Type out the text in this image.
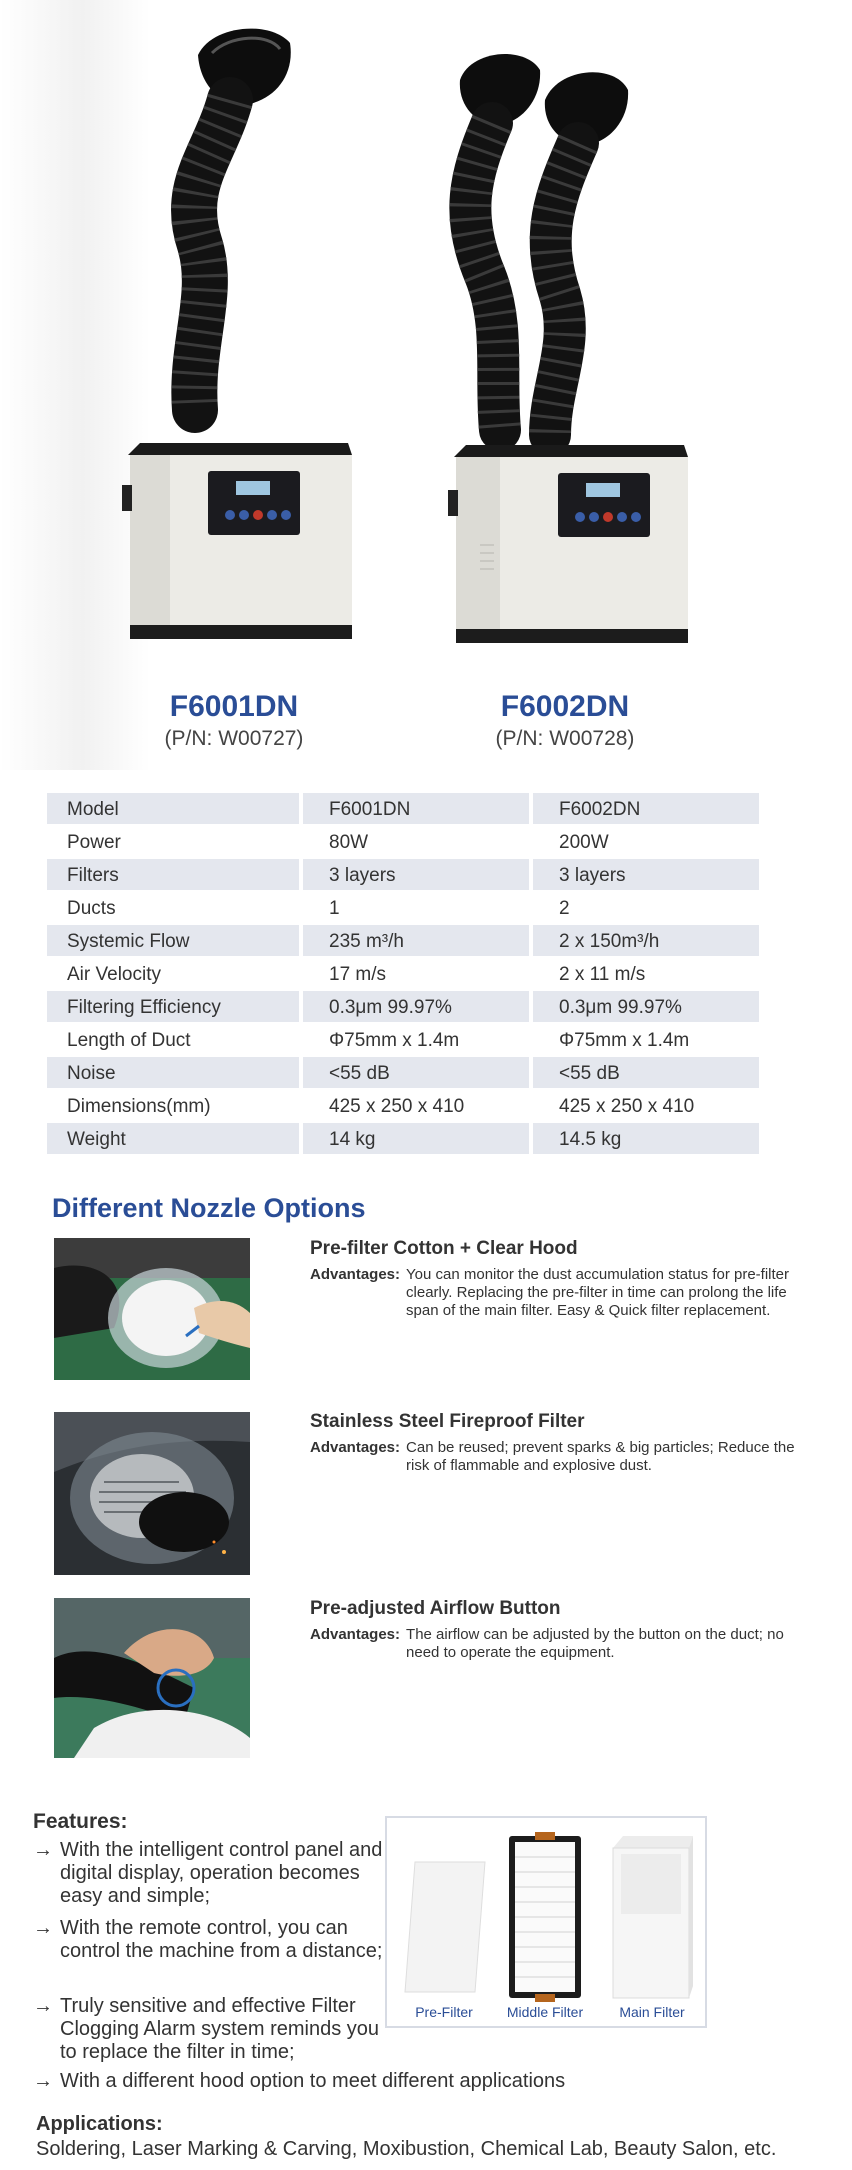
F6001DN
(P/N: W00727)
F6002DN
(P/N: W00728)
Model	F6001DN	F6002DN
Power	80W	200W
Filters	3 layers	3 layers
Ducts	1	2
Systemic Flow	235 m³/h	2 x 150m³/h
Air Velocity	17 m/s	2 x 11 m/s
Filtering Efficiency	0.3μm 99.97%	0.3μm 99.97%
Length of Duct	Φ75mm x 1.4m	Φ75mm x 1.4m
Noise	<55 dB	<55 dB
Dimensions(mm)	425 x 250 x 410	425 x 250 x 410
Weight	14 kg	14.5 kg
Different Nozzle Options
Pre-filter Cotton + Clear Hood
Advantages: You can monitor the dust accumulation status for pre-filter clearly. Replacing the pre-filter in time can prolong the life span of the main filter. Easy & Quick filter replacement.
Stainless Steel Fireproof Filter
Advantages: Can be reused; prevent sparks & big particles; Reduce the risk of flammable and explosive dust.
Pre-adjusted Airflow Button
Advantages: The airflow can be adjusted by the button on the duct; no need to operate the equipment.
Features:
→ With the intelligent control panel and digital display, operation becomes easy and simple;
→ With the remote control, you can control the machine from a distance;
→ Truly sensitive and effective Filter Clogging Alarm system reminds you to replace the filter in time;
→ With a different hood option to meet different applications
Pre-Filter	Middle Filter	Main Filter
Applications:
Soldering, Laser Marking & Carving, Moxibustion, Chemical Lab, Beauty Salon, etc.
